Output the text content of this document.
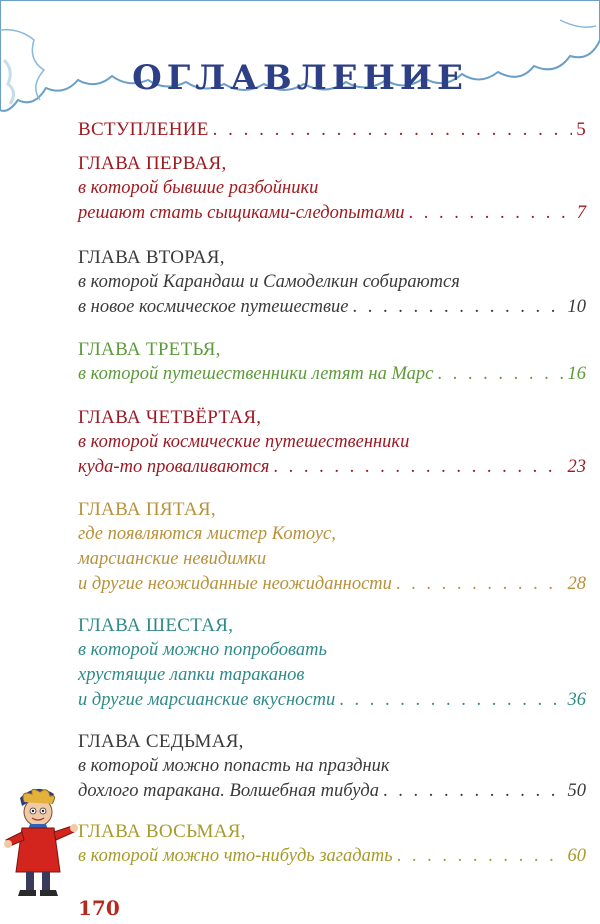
ОГЛАВЛЕНИЕ
ВСТУПЛЕНИЕ . . .	5
ГЛАВА ПЕРВАЯ,
в которой бывшие разбойники
решают стать сыщиками-следопытами . . .	7
ГЛАВА ВТОРАЯ,
в которой Карандаш и Самоделкин собираются
в новое космическое путешествие . . .	10
ГЛАВА ТРЕТЬЯ,
в которой путешественники летят на Марс . . .	16
ГЛАВА ЧЕТВЁРТАЯ,
в которой космические путешественники
куда-то проваливаются . . .	23
ГЛАВА ПЯТАЯ,
где появляются мистер Котоус,
марсианские невидимки
и другие неожиданные неожиданности . . .	28
ГЛАВА ШЕСТАЯ,
в которой можно попробовать
хрустящие лапки тараканов
и другие марсианские вкусности . . .	36
ГЛАВА СЕДЬМАЯ,
в которой можно попасть на праздник
дохлого таракана. Волшебная тибуда . . .	50
ГЛАВА ВОСЬМАЯ,
в которой можно что-нибудь загадать . . .	60
170
